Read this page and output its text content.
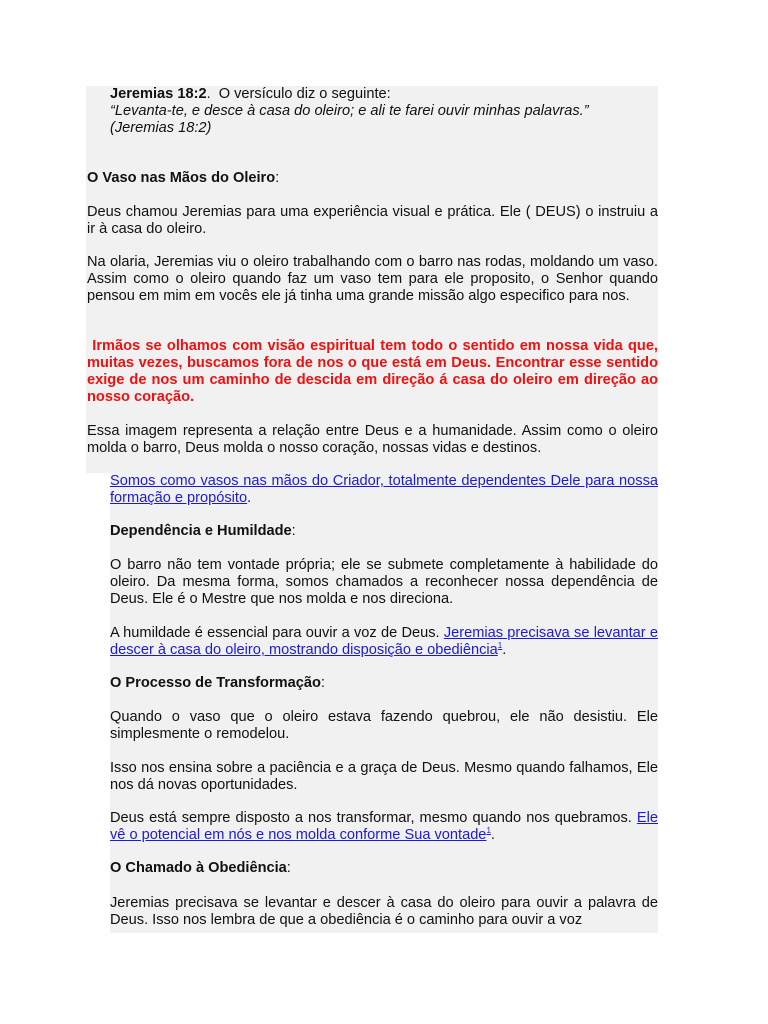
Jeremias 18:2. O versículo diz o seguinte:
“Levanta-te, e desce à casa do oleiro; e ali te farei ouvir minhas palavras.”
(Jeremias 18:2)

O Vaso nas Mãos do Oleiro:

Deus chamou Jeremias para uma experiência visual e prática. Ele ( DEUS) o instruiu a ir à casa do oleiro.

Na olaria, Jeremias viu o oleiro trabalhando com o barro nas rodas, moldando um vaso. Assim como o oleiro quando faz um vaso tem para ele proposito, o Senhor quando pensou em mim em vocês ele já tinha uma grande missão algo especifico para nos.

Irmãos se olhamos com visão espiritual tem todo o sentido em nossa vida que, muitas vezes, buscamos fora de nos o que está em Deus. Encontrar esse sentido exige de nos um caminho de descida em direção á casa do oleiro em direção ao nosso coração.

Essa imagem representa a relação entre Deus e a humanidade. Assim como o oleiro molda o barro, Deus molda o nosso coração, nossas vidas e destinos.

Somos como vasos nas mãos do Criador, totalmente dependentes Dele para nossa formação e propósito.

Dependência e Humildade:

O barro não tem vontade própria; ele se submete completamente à habilidade do oleiro. Da mesma forma, somos chamados a reconhecer nossa dependência de Deus. Ele é o Mestre que nos molda e nos direciona.

A humildade é essencial para ouvir a voz de Deus. Jeremias precisava se levantar e descer à casa do oleiro, mostrando disposição e obediência$^1$.

O Processo de Transformação:

Quando o vaso que o oleiro estava fazendo quebrou, ele não desistiu. Ele simplesmente o remodelou.

Isso nos ensina sobre a paciência e a graça de Deus. Mesmo quando falhamos, Ele nos dá novas oportunidades.

Deus está sempre disposto a nos transformar, mesmo quando nos quebramos. Ele vê o potencial em nós e nos molda conforme Sua vontade$^1$.

O Chamado à Obediência:

Jeremias precisava se levantar e descer à casa do oleiro para ouvir a palavra de Deus. Isso nos lembra de que a obediência é o caminho para ouvir a voz
